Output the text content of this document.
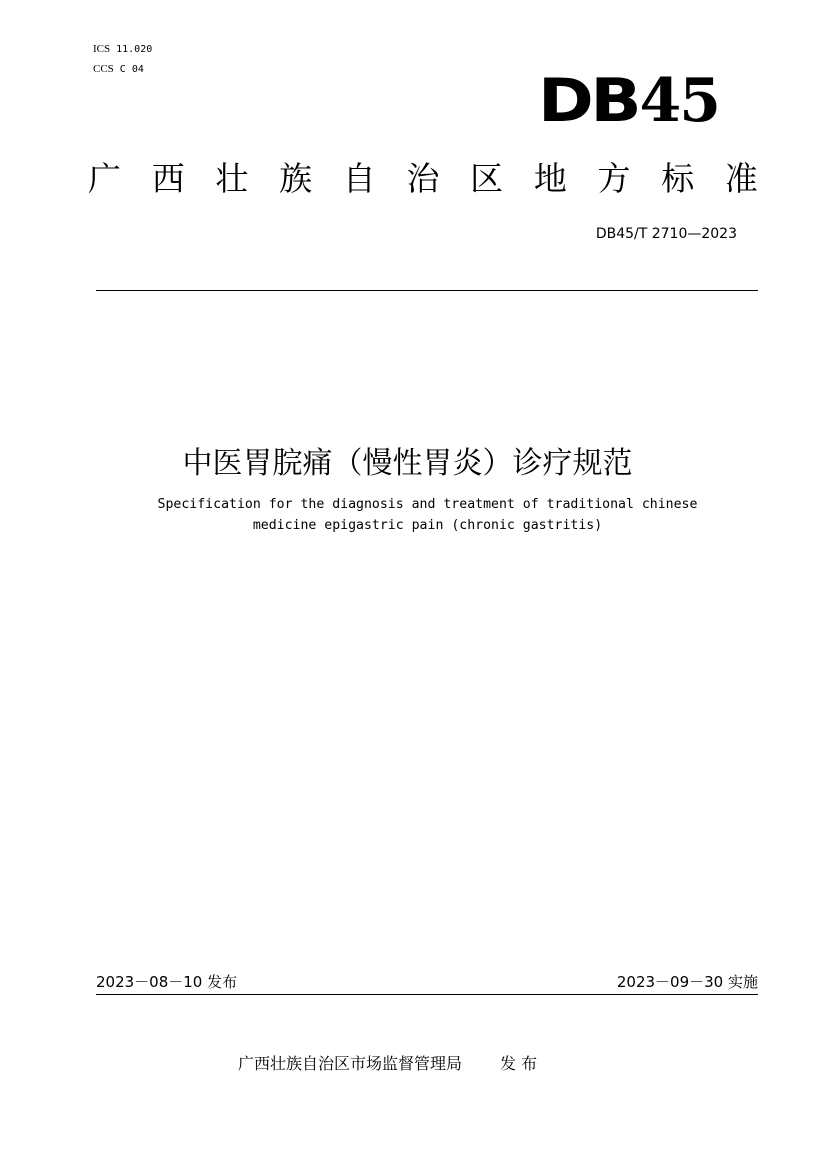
ICS 11.020
CCS C 04	DB45
广 西 壮 族 自 治 区 地 方 标 准
DB45/T 2710—2023
中医胃脘痛（慢性胃炎）诊疗规范
Specification for the diagnosis and treatment of traditional chinese
medicine epigastric pain (chronic gastritis)
2023－08－10 发布	2023－09－30 实施
广西壮族自治区市场监督管理局 发 布
